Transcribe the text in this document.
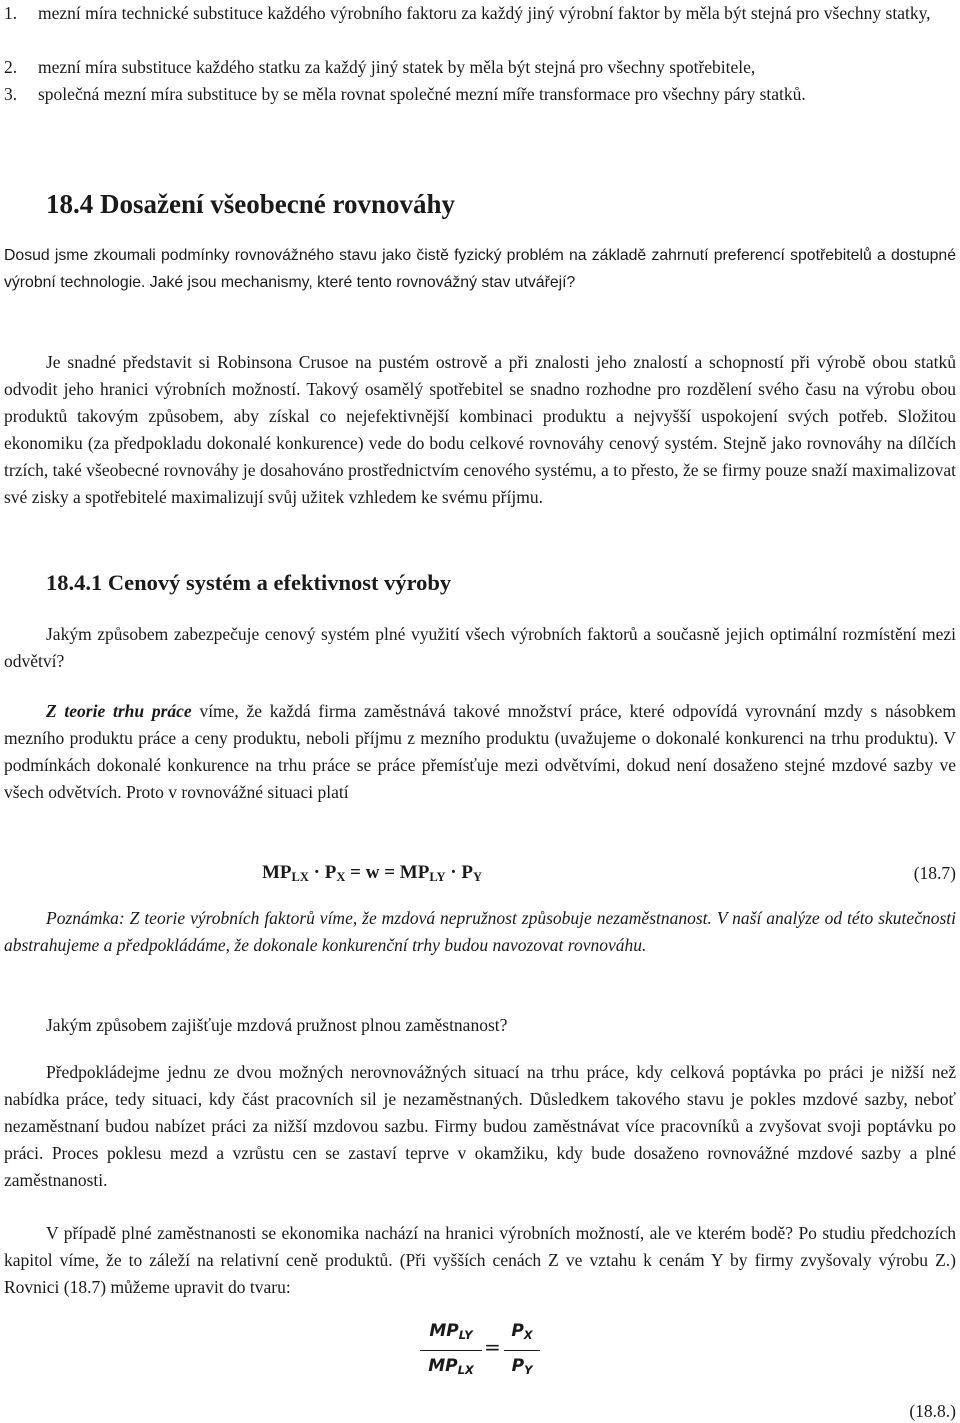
1.	mezní míra technické substituce každého výrobního faktoru za každý jiný výrobní faktor by měla být stejná pro všechny statky,
2.	mezní míra substituce každého statku za každý jiný statek by měla být stejná pro všechny spotřebitele,
3.	společná mezní míra substituce by se měla rovnat společné mezní míře transformace pro všechny páry statků.
18.4 Dosažení všeobecné rovnováhy

Dosud jsme zkoumali podmínky rovnovážného stavu jako čistě fyzický problém na základě zahrnutí preferencí spotřebitelů a dostupné výrobní technologie. Jaké jsou mechanismy, které tento rovnovážný stav utvářejí?

Je snadné představit si Robinsona Crusoe na pustém ostrově a při znalosti jeho znalostí a schopností při výrobě obou statků odvodit jeho hranici výrobních možností. Takový osamělý spotřebitel se snadno rozhodne pro rozdělení svého času na výrobu obou produktů takovým způsobem, aby získal co nejefektivnější kombinaci produktu a nejvyšší uspokojení svých potřeb. Složitou ekonomiku (za předpokladu dokonalé konkurence) vede do bodu celkové rovnováhy cenový systém. Stejně jako rovnováhy na dílčích trzích, také všeobecné rovnováhy je dosahováno prostřednictvím cenového systému, a to přesto, že se firmy pouze snaží maximalizovat své zisky a spotřebitelé maximalizují svůj užitek vzhledem ke svému příjmu.

18.4.1 Cenový systém a efektivnost výroby

Jakým způsobem zabezpečuje cenový systém plné využití všech výrobních faktorů a současně jejich optimální rozmístění mezi odvětví?

Z teorie trhu práce víme, že každá firma zaměstnává takové množství práce, které odpovídá vyrovnání mzdy s násobkem mezního produktu práce a ceny produktu, neboli příjmu z mezního produktu (uvažujeme o dokonalé konkurenci na trhu produktu). V podmínkách dokonalé konkurence na trhu práce se práce přemísťuje mezi odvětvími, dokud není dosaženo stejné mzdové sazby ve všech odvětvích. Proto v rovnovážné situaci platí

$MP_{LX} \cdot P_X = w = MP_{LY} \cdot P_Y$	(18.7)

Poznámka: Z teorie výrobních faktorů víme, že mzdová nepružnost způsobuje nezaměstnanost. V naší analýze od této skutečnosti abstrahujeme a předpokládáme, že dokonale konkurenční trhy budou navozovat rovnováhu.

Jakým způsobem zajišťuje mzdová pružnost plnou zaměstnanost?

Předpokládejme jednu ze dvou možných nerovnovážných situací na trhu práce, kdy celková poptávka po práci je nižší než nabídka práce, tedy situaci, kdy část pracovních sil je nezaměstnaných. Důsledkem takového stavu je pokles mzdové sazby, neboť nezaměstnaní budou nabízet práci za nižší mzdovou sazbu. Firmy budou zaměstnávat více pracovníků a zvyšovat svoji poptávku po práci. Proces poklesu mezd a vzrůstu cen se zastaví teprve v okamžiku, kdy bude dosaženo rovnovážné mzdové sazby a plné zaměstnanosti.

V případě plné zaměstnanosti se ekonomika nachází na hranici výrobních možností, ale ve kterém bodě? Po studiu předchozích kapitol víme, že to záleží na relativní ceně produktů. (Při vyšších cenách Z ve vztahu k cenám Y by firmy zvyšovaly výrobu Z.) Rovnici (18.7) můžeme upravit do tvaru:

$MP_{LY}$
$MP_{LX}$
= $\frac{P_X}{P_Y}$
(18.8.)
